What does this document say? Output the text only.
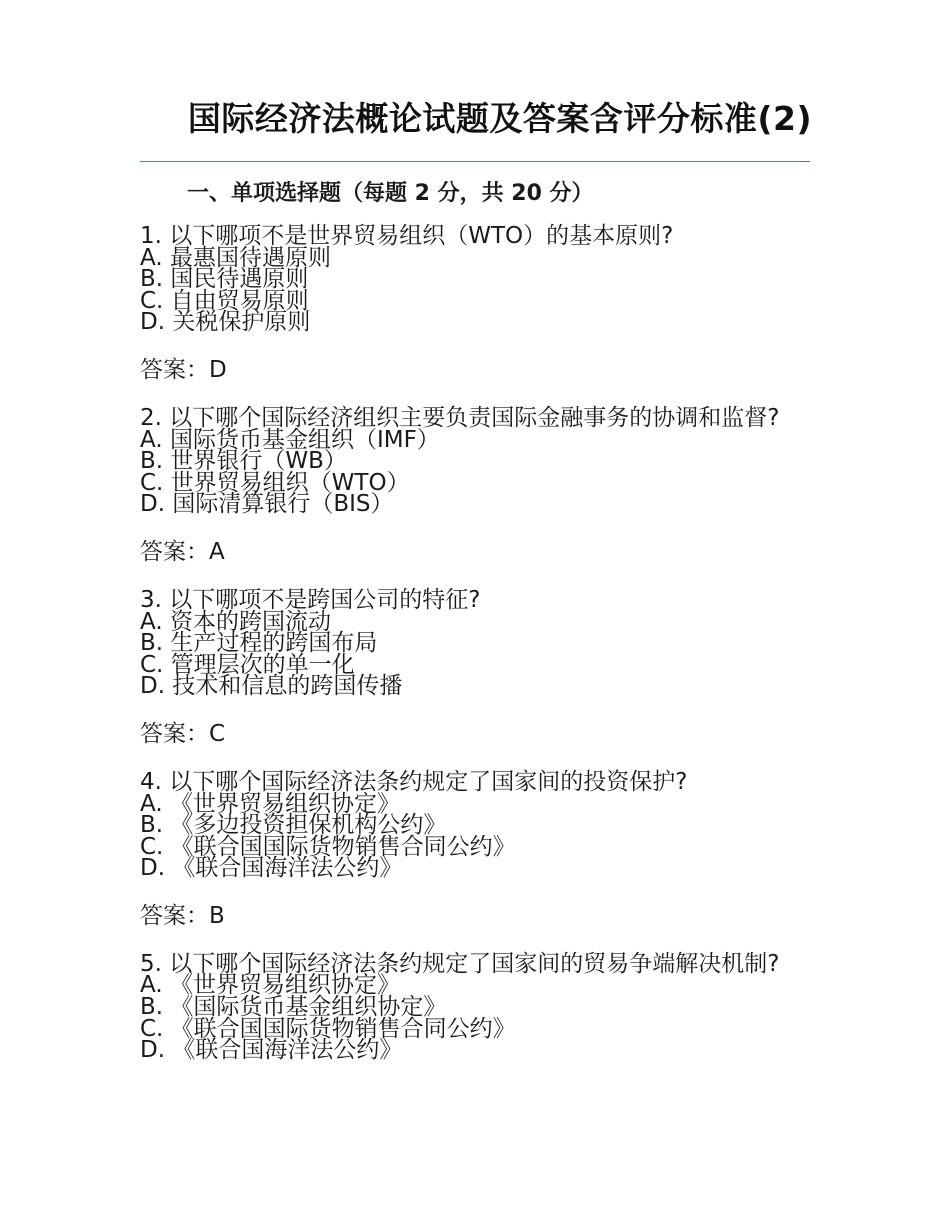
国际经济法概论试题及答案含评分标准(2)
一、单项选择题（每题 2 分，共 20 分）

1. 以下哪项不是世界贸易组织（WTO）的基本原则?

A. 最惠国待遇原则

B. 国民待遇原则

C. 自由贸易原则

D. 关税保护原则

答案：D

2. 以下哪个国际经济组织主要负责国际金融事务的协调和监督?

A. 国际货币基金组织（IMF）

B. 世界银行（WB）

C. 世界贸易组织（WTO）

D. 国际清算银行（BIS）

答案：A

3. 以下哪项不是跨国公司的特征?

A. 资本的跨国流动

B. 生产过程的跨国布局

C. 管理层次的单一化

D. 技术和信息的跨国传播

答案：C

4. 以下哪个国际经济法条约规定了国家间的投资保护?

A. 《世界贸易组织协定》

B. 《多边投资担保机构公约》

C. 《联合国国际货物销售合同公约》

D. 《联合国海洋法公约》

答案：B

5. 以下哪个国际经济法条约规定了国家间的贸易争端解决机制?

A. 《世界贸易组织协定》

B. 《国际货币基金组织协定》

C. 《联合国国际货物销售合同公约》

D. 《联合国海洋法公约》
